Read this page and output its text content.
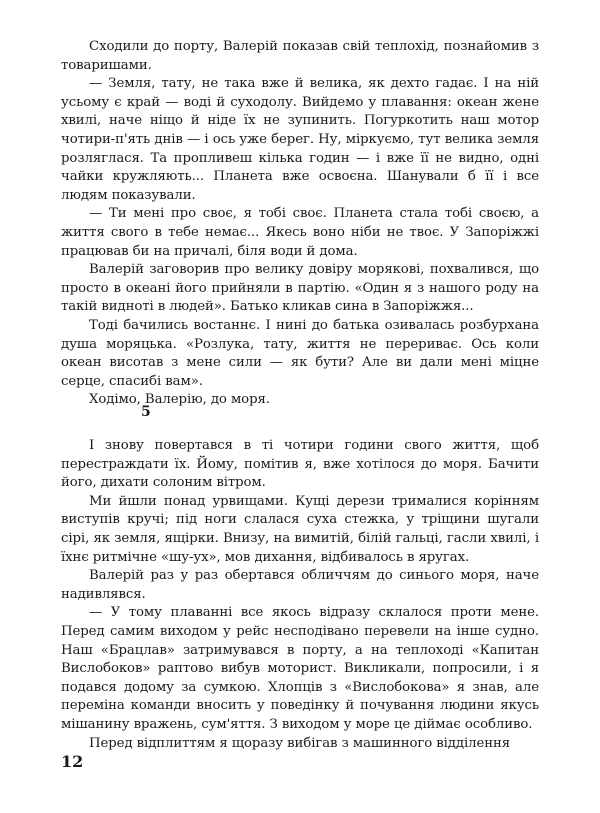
Сходили до порту, Валерій показав свій теплохід, познайомив з товаришами.

— Земля, тату, не така вже й велика, як дехто гадає. І на ній усьому є край — воді й суходолу. Вийдемо у плавання: океан жене хвилі, наче ніщо й ніде їх не зупинить. Погуркотить наш мотор чотири-п'ять днів — і ось уже берег. Ну, міркуємо, тут велика земля розляглася. Та пропливеш кілька годин — і вже її не видно, одні чайки кружляють... Планета вже освоєна. Шанували б її і все людям показували.

— Ти мені про своє, я тобі своє. Планета стала тобі своєю, а життя свого в тебе немає... Якесь воно ніби не твоє. У Запоріжжі працював би на причалі, біля води й дома.

Валерій заговорив про велику довіру морякові, похвалився, що просто в океані його прийняли в партію. «Один я з нашого роду на такій видноті в людей». Батько кликав сина в Запоріжжя...

Тоді бачились востаннє. І нині до батька озивалась розбурхана душа моряцька. «Розлука, тату, життя не перериває. Ось коли океан висотав з мене сили — як бути? Але ви дали мені міцне серце, спасибі вам».

Ходімо, Валерію, до моря.

5

І знову повертався в ті чотири години свого життя, щоб перестраждати їх. Йому, помітив я, вже хотілося до моря. Бачити його, дихати солоним вітром.

Ми йшли понад урвищами. Кущі дерези трималися корінням виступів кручі; під ноги слалася суха стежка, у тріщини шугали сірі, як земля, ящірки. Внизу, на вимитій, білій гальці, гасли хвилі, і їхнє ритмічне «шу-ух», мов дихання, відбивалось в яругах.

Валерій раз у раз обертався обличчям до синього моря, наче надивлявся.

— У тому плаванні все якось відразу склалося проти мене. Перед самим виходом у рейс несподівано перевели на інше судно. Наш «Брацлав» затримувався в порту, а на теплоході «Капитан Вислобоков» раптово вибув моторист. Викликали, попросили, і я подався додому за сумкою. Хлопців з «Вислобокова» я знав, але переміна команди вносить у поведінку й почування людини якусь мішанину вражень, сум'яття. З виходом у море це діймає особливо.

Перед відплиттям я щоразу вибігав з машинного відділення

12
